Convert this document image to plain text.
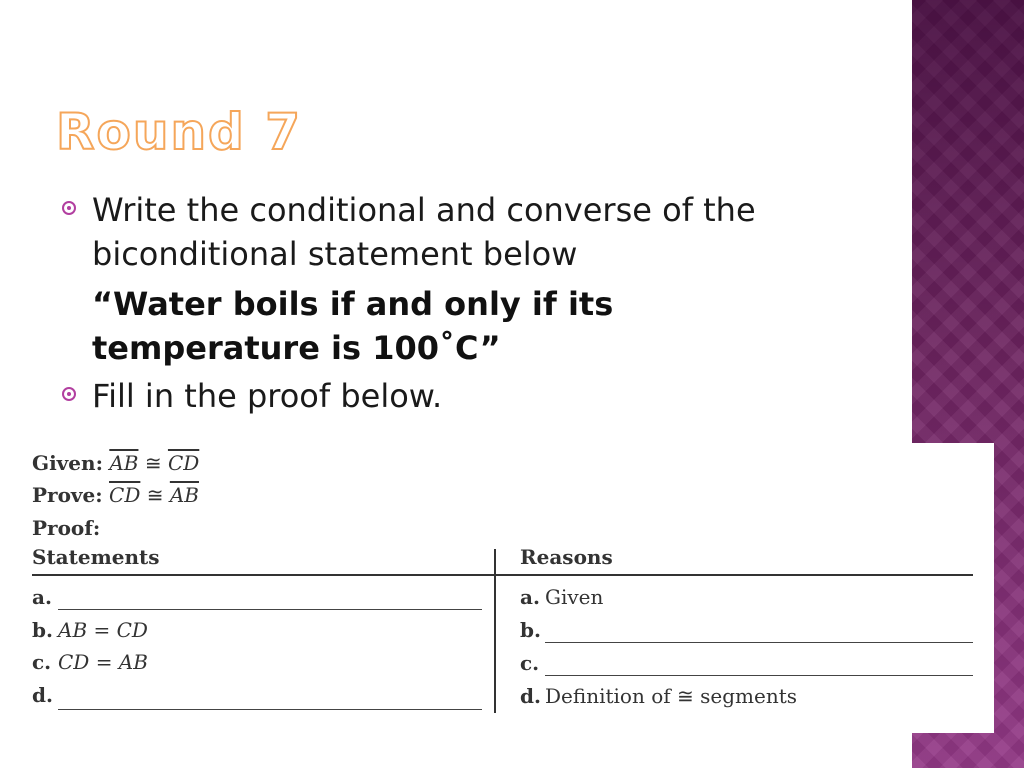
Round 7
Write the conditional and converse of the biconditional statement below
“Water boils if and only if its temperature is 100˚C”
Fill in the proof below.
Given: $\overline{AB}$ ≅ $\overline{CD}$
Prove: $\overline{CD}$ ≅ $\overline{AB}$
Proof:
Statements	Reasons
a.	a. Given
b. AB = CD	b.
c. CD = AB	c.
d.	d. Definition of ≅ segments
